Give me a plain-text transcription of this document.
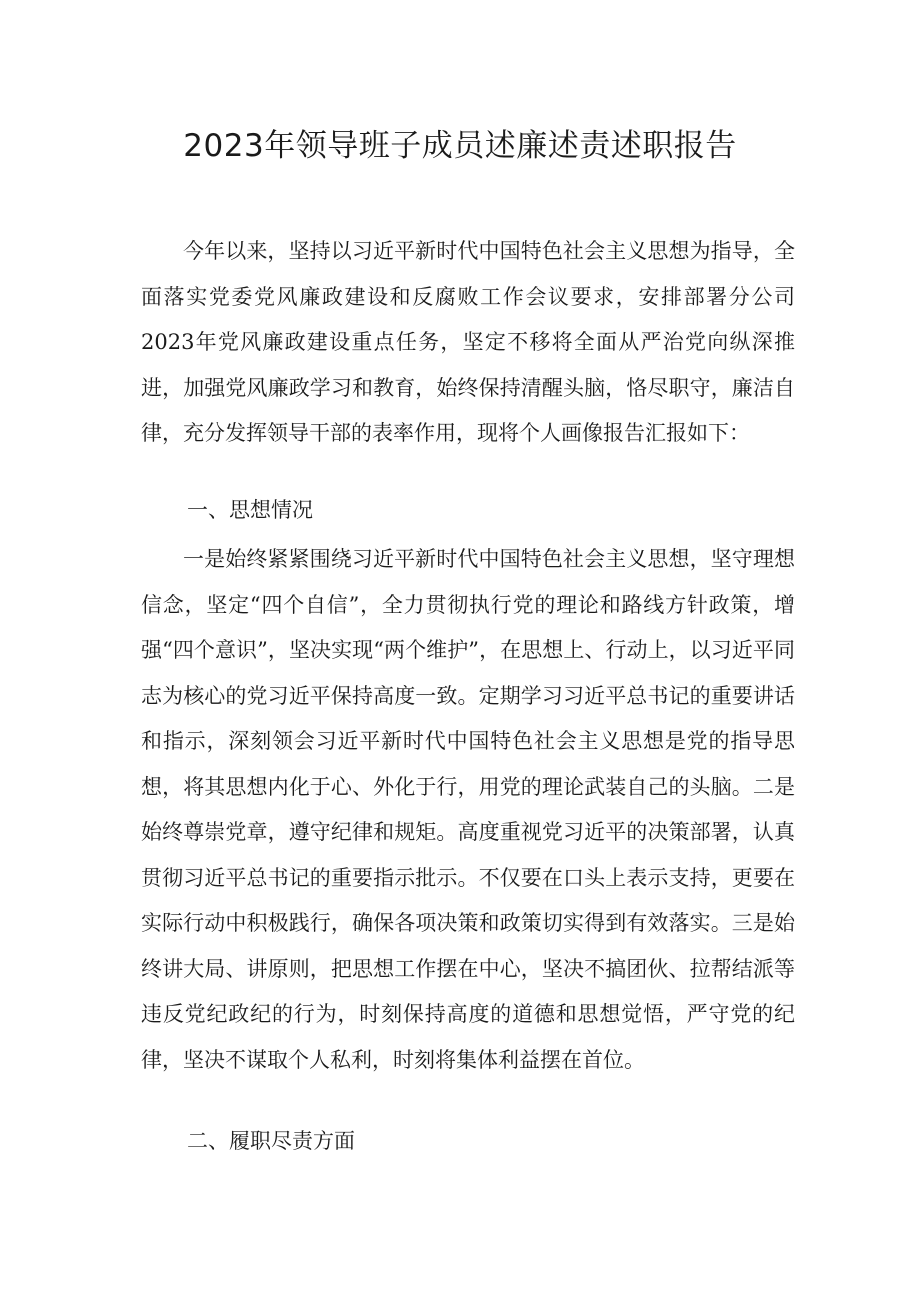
2023年领导班子成员述廉述责述职报告

今年以来，坚持以习近平新时代中国特色社会主义思想为指导，全面落实党委党风廉政建设和反腐败工作会议要求，安排部署分公司2023年党风廉政建设重点任务，坚定不移将全面从严治党向纵深推进，加强党风廉政学习和教育，始终保持清醒头脑，恪尽职守，廉洁自律，充分发挥领导干部的表率作用，现将个人画像报告汇报如下：

一、思想情况

一是始终紧紧围绕习近平新时代中国特色社会主义思想，坚守理想信念，坚定“四个自信”，全力贯彻执行党的理论和路线方针政策，增强“四个意识”，坚决实现“两个维护”，在思想上、行动上，以习近平同志为核心的党习近平保持高度一致。定期学习习近平总书记的重要讲话和指示，深刻领会习近平新时代中国特色社会主义思想是党的指导思想，将其思想内化于心、外化于行，用党的理论武装自己的头脑。二是始终尊崇党章，遵守纪律和规矩。高度重视党习近平的决策部署，认真贯彻习近平总书记的重要指示批示。不仅要在口头上表示支持，更要在实际行动中积极践行，确保各项决策和政策切实得到有效落实。三是始终讲大局、讲原则，把思想工作摆在中心，坚决不搞团伙、拉帮结派等违反党纪政纪的行为，时刻保持高度的道德和思想觉悟，严守党的纪律，坚决不谋取个人私利，时刻将集体利益摆在首位。

二、履职尽责方面
